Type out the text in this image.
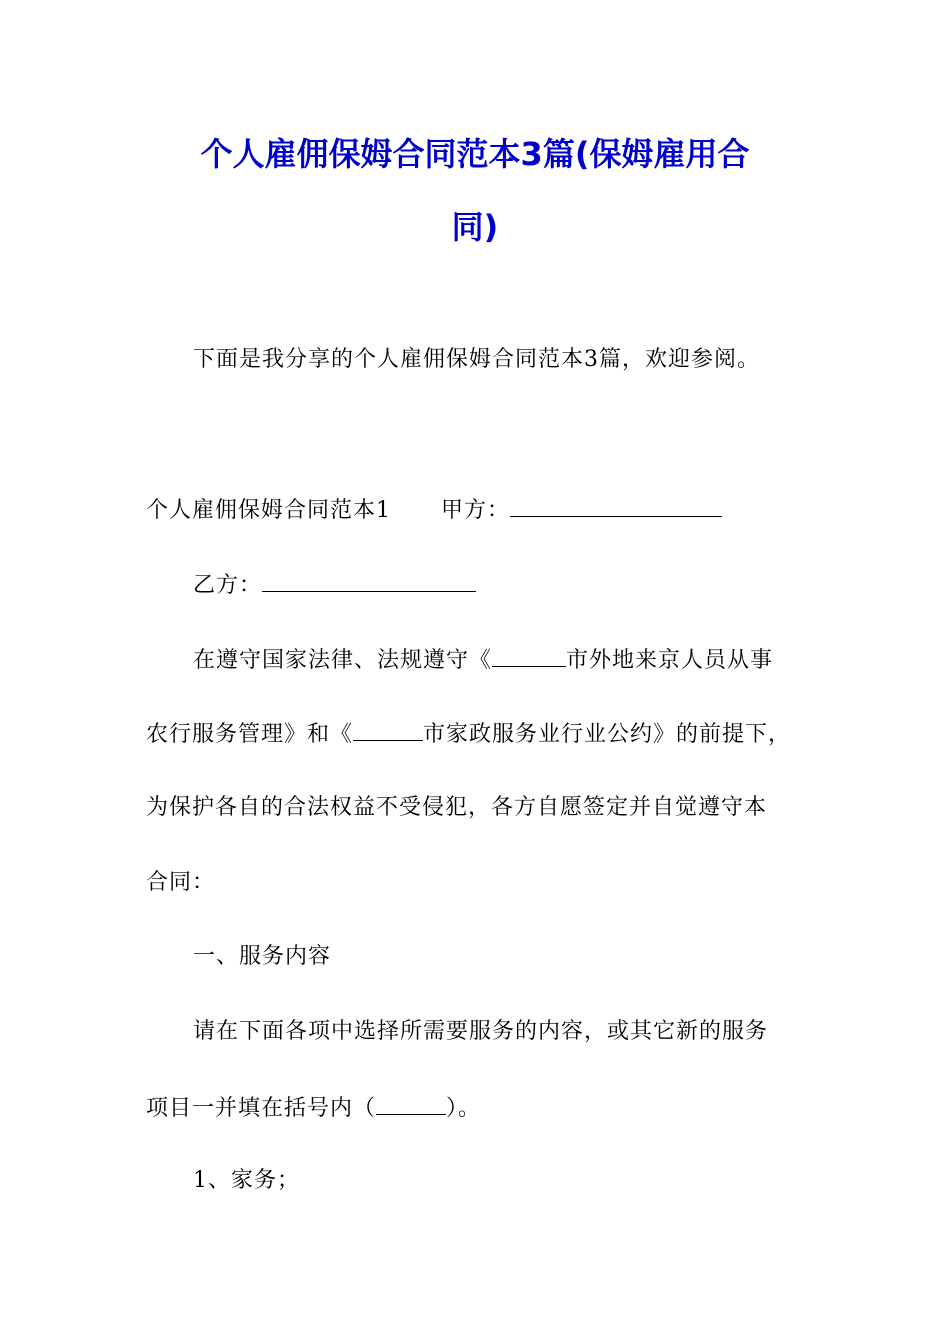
个人雇佣保姆合同范本3篇(保姆雇用合
同)
下面是我分享的个人雇佣保姆合同范本3篇，欢迎参阅。
个人雇佣保姆合同范本1 甲方：
乙方：
在遵守国家法律、法规遵守《	市外地来京人员从事
农行服务管理》和《	市家政服务业行业公约》的前提下，
为保护各自的合法权益不受侵犯，各方自愿签定并自觉遵守本
合同：
一、服务内容
请在下面各项中选择所需要服务的内容，或其它新的服务
项目一并填在括号内（	）。
1、家务；
